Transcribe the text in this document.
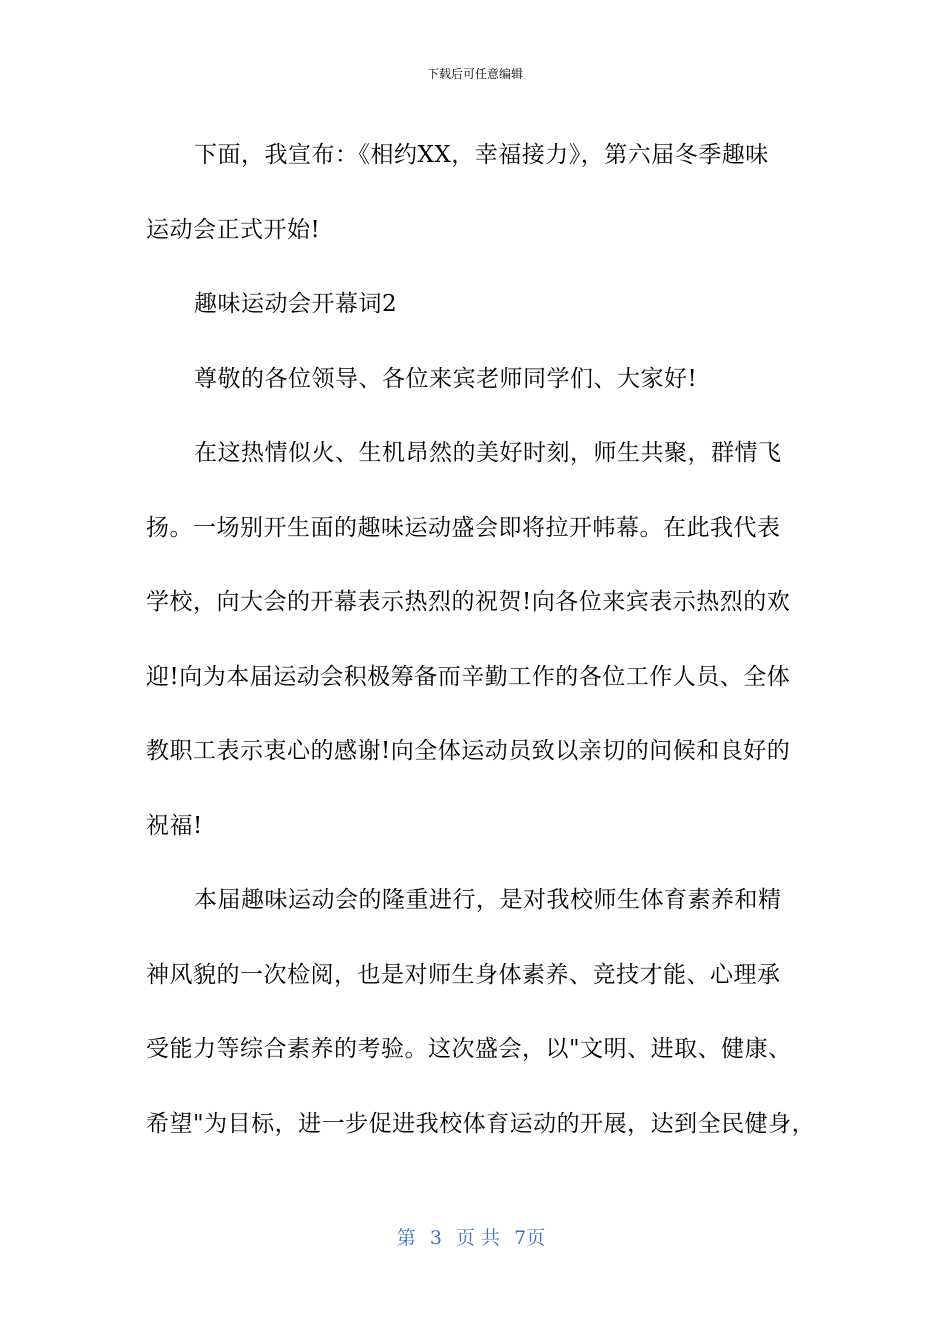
下载后可任意编辑
下面，我宣布：《相约XX，幸福接力》，第六届冬季趣味
运动会正式开始!
趣味运动会开幕词2
尊敬的各位领导、各位来宾老师同学们、大家好!
在这热情似火、生机昂然的美好时刻，师生共聚，群情飞
扬。一场别开生面的趣味运动盛会即将拉开帏幕。在此我代表
学校，向大会的开幕表示热烈的祝贺!向各位来宾表示热烈的欢
迎!向为本届运动会积极筹备而辛勤工作的各位工作人员、全体
教职工表示衷心的感谢!向全体运动员致以亲切的问候和良好的
祝福!
本届趣味运动会的隆重进行，是对我校师生体育素养和精
神风貌的一次检阅，也是对师生身体素养、竞技才能、心理承
受能力等综合素养的考验。这次盛会，以"文明、进取、健康、
希望"为目标，进一步促进我校体育运动的开展，达到全民健身，
第 3 页 共 7页
